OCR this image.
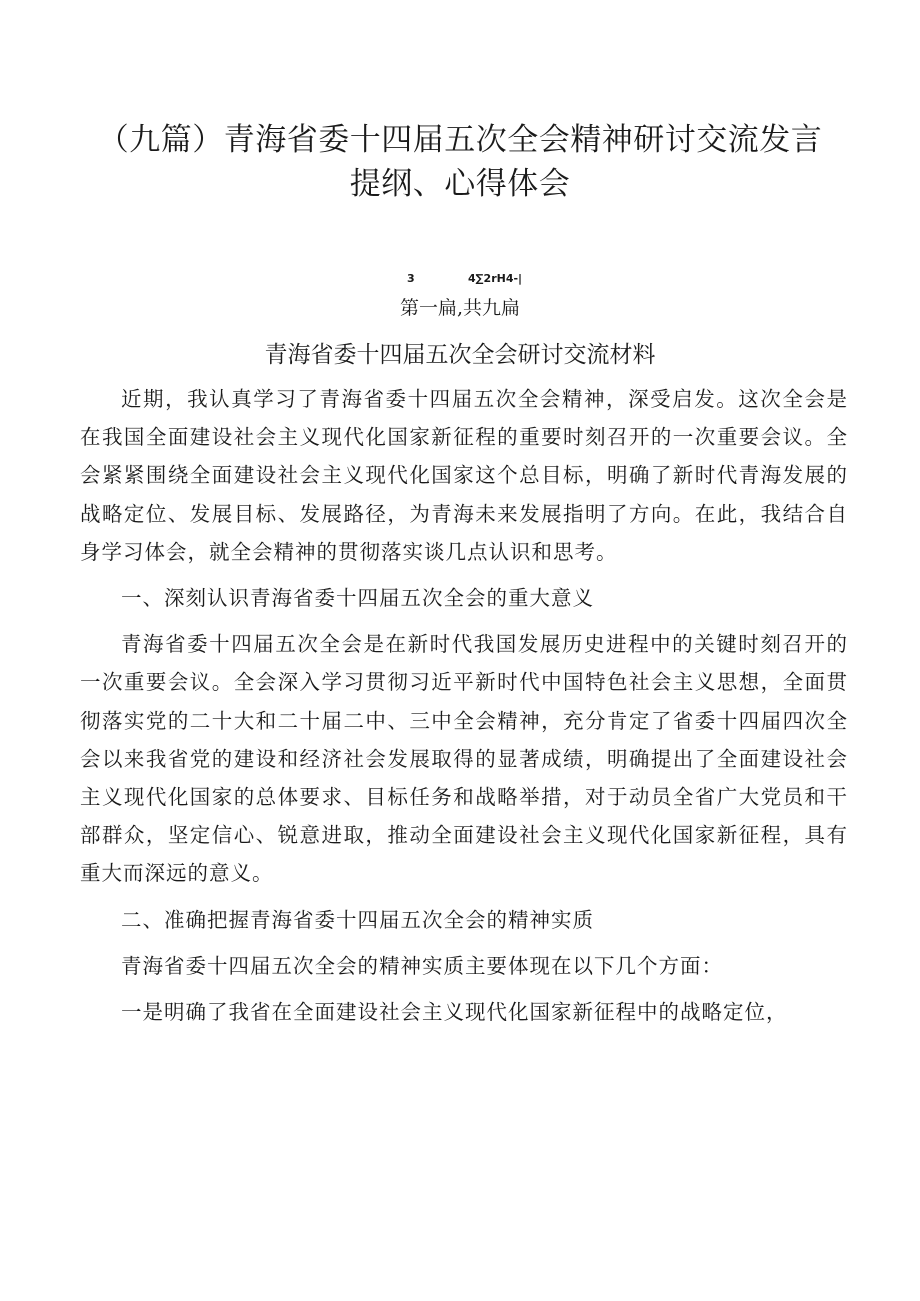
（九篇）青海省委十四届五次全会精神研讨交流发言
提纲、心得体会
3	4∑2rH4-|
第一扁,共九扁
青海省委十四届五次全会研讨交流材料

近期，我认真学习了青海省委十四届五次全会精神，深受启发。这次全会是在我国全面建设社会主义现代化国家新征程的重要时刻召开的一次重要会议。全会紧紧围绕全面建设社会主义现代化国家这个总目标，明确了新时代青海发展的战略定位、发展目标、发展路径，为青海未来发展指明了方向。在此，我结合自身学习体会，就全会精神的贯彻落实谈几点认识和思考。

一、深刻认识青海省委十四届五次全会的重大意义

青海省委十四届五次全会是在新时代我国发展历史进程中的关键时刻召开的一次重要会议。全会深入学习贯彻习近平新时代中国特色社会主义思想，全面贯彻落实党的二十大和二十届二中、三中全会精神，充分肯定了省委十四届四次全会以来我省党的建设和经济社会发展取得的显著成绩，明确提出了全面建设社会主义现代化国家的总体要求、目标任务和战略举措，对于动员全省广大党员和干部群众，坚定信心、锐意进取，推动全面建设社会主义现代化国家新征程，具有重大而深远的意义。

二、准确把握青海省委十四届五次全会的精神实质

青海省委十四届五次全会的精神实质主要体现在以下几个方面：

一是明确了我省在全面建设社会主义现代化国家新征程中的战略定位，
